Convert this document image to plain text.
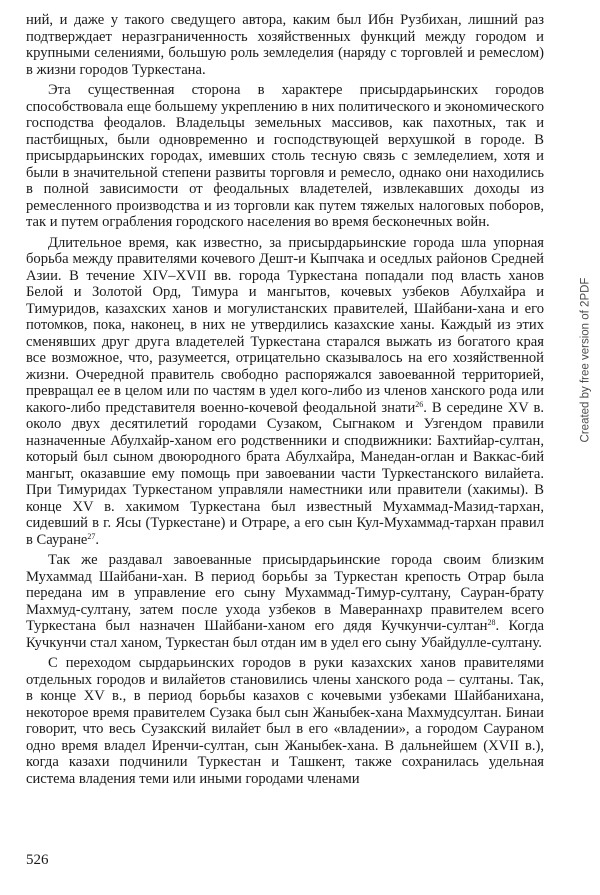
ний, и даже у такого сведущего автора, каким был Ибн Рузбихан, лишний раз подтверждает неразграниченность хозяйственных функций между городом и крупными селениями, большую роль земледелия (наряду с торговлей и ремеслом) в жизни городов Туркестана.

Эта существенная сторона в характере присырдарьинских городов способствовала еще большему укреплению в них политического и экономического господства феодалов. Владельцы земельных массивов, как пахотных, так и пастбищных, были одновременно и господствующей верхушкой в городе. В присырдарьинских городах, имевших столь тесную связь с земледелием, хотя и были в значительной степени развиты торговля и ремесло, однако они находились в полной зависимости от феодальных владетелей, извлекавших доходы из ремесленного производства и из торговли как путем тяжелых налоговых поборов, так и путем ограбления городского населения во время бесконечных войн.

Длительное время, как известно, за присырдарьинские города шла упорная борьба между правителями кочевого Дешт-и Кыпчака и оседлых районов Средней Азии. В течение XIV–XVII вв. города Туркестана попадали под власть ханов Белой и Золотой Орд, Тимура и мангытов, кочевых узбеков Абулхайра и Тимуридов, казахских ханов и могулистанских правителей, Шайбани-хана и его потомков, пока, наконец, в них не утвердились казахские ханы. Каждый из этих сменявших друг друга владетелей Туркестана старался выжать из богатого края все возможное, что, разумеется, отрицательно сказывалось на его хозяйственной жизни. Очередной правитель свободно распоряжался завоеванной территорией, превращал ее в целом или по частям в удел кого-либо из членов ханского рода или какого-либо представителя военно-кочевой феодальной знати$^{26}$. В середине XV в. около двух десятилетий городами Сузаком, Сыгнаком и Узгендом правили назначенные Абулхайр-ханом его родственники и сподвижники: Бахтийар-султан, который был сыном двоюродного брата Абулхайра, Манедан-оглан и Ваккас-бий мангыт, оказавшие ему помощь при завоевании части Туркестанского вилайета. При Тимуридах Туркестаном управляли наместники или правители (хакимы). В конце XV в. хакимом Туркестана был известный Мухаммад-Мазид-тархан, сидевший в г. Ясы (Туркестане) и Отраре, а его сын Кул-Мухаммад-тархан правил в Сауране$^{27}$.

Так же раздавал завоеванные присырдарьинские города своим близким Мухаммад Шайбани-хан. В период борьбы за Туркестан крепость Отрар была передана им в управление его сыну Мухаммад-Тимур-султану, Сауран-брату Махмуд-султану, затем после ухода узбеков в Мавераннахр правителем всего Туркестана был назначен Шайбани-ханом его дядя Кучкунчи-султан$^{28}$. Когда Кучкунчи стал ханом, Туркестан был отдан им в удел его сыну Убайдулле-султану.

С переходом сырдарьинских городов в руки казахских ханов правителями отдельных городов и вилайетов становились члены ханского рода – султаны. Так, в конце XV в., в период борьбы казахов с кочевыми узбеками Шайбанихана, некоторое время правителем Сузака был сын Жаныбек-хана Махмудсултан. Бинаи говорит, что весь Сузакский вилайет был в его «владении», а городом Саураном одно время владел Иренчи-султан, сын Жаныбек-хана. В дальнейшем (XVII в.), когда казахи подчинили Туркестан и Ташкент, также сохранилась удельная система владения теми или иными городами членами

526
Created by free version of 2PDF
